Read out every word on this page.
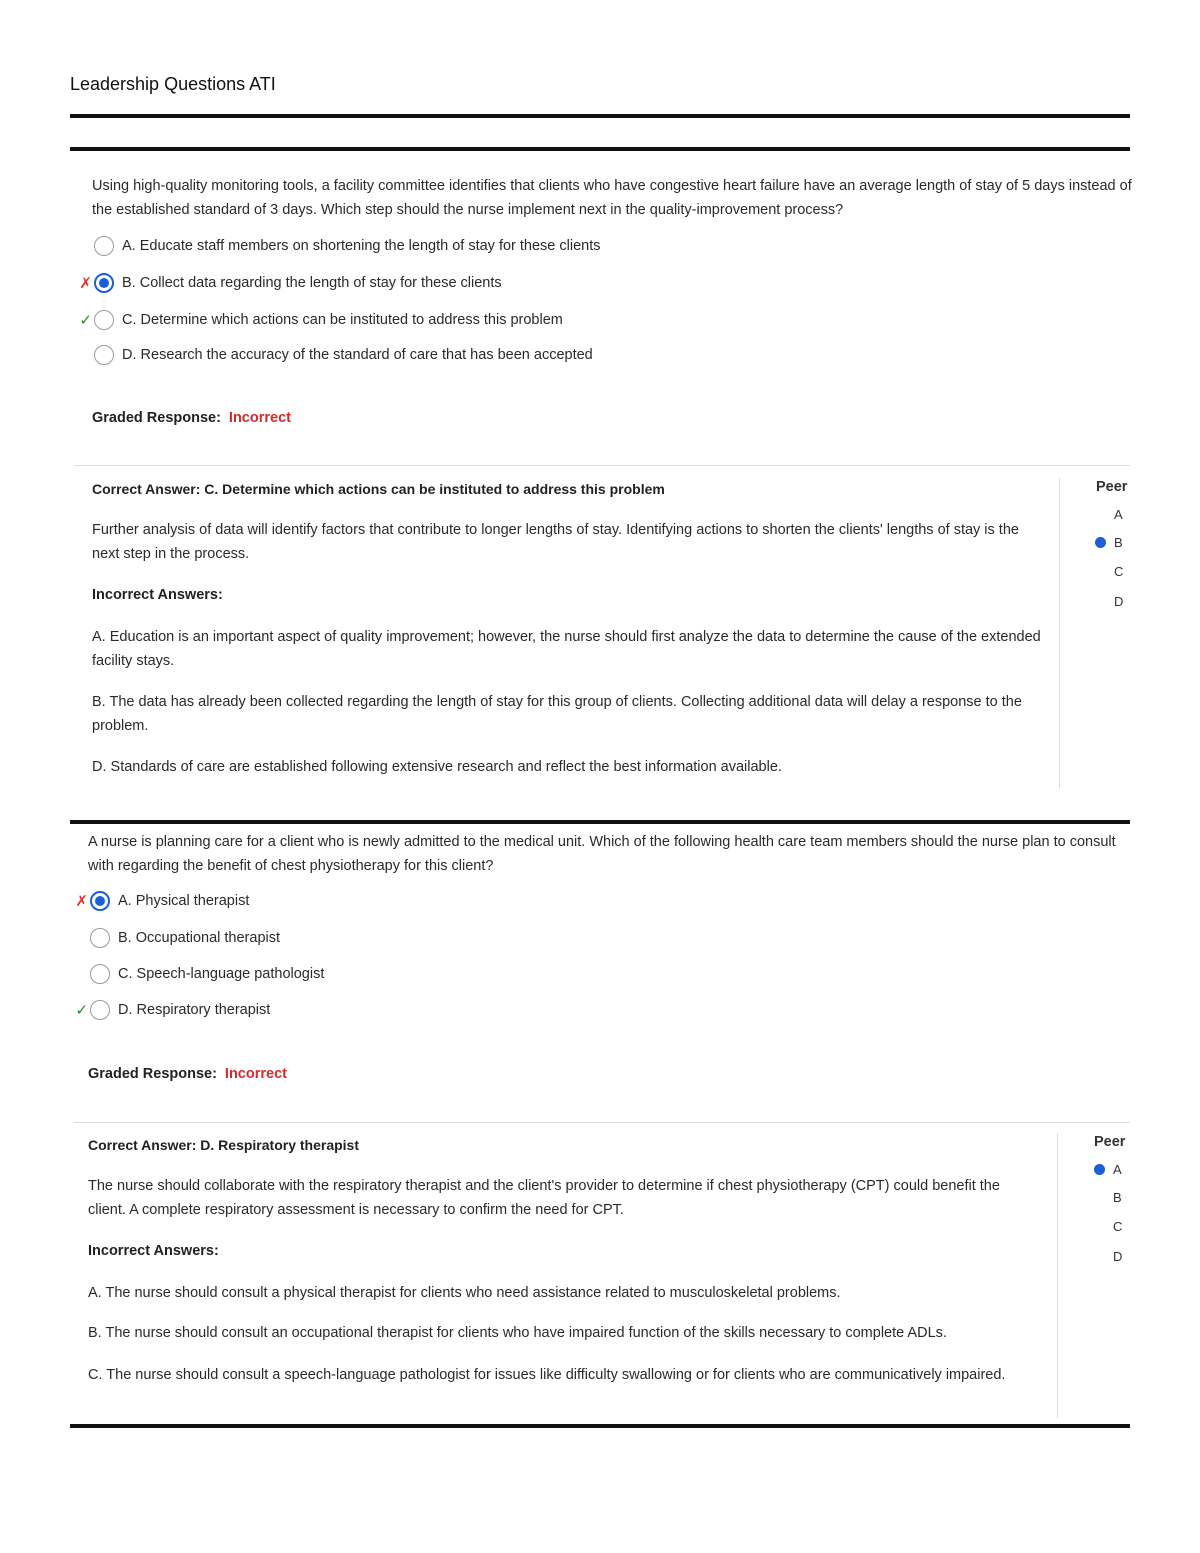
Leadership Questions ATI
Using high-quality monitoring tools, a facility committee identifies that clients who have congestive heart failure have an average length of stay of 5 days instead of the established standard of 3 days. Which step should the nurse implement next in the quality-improvement process?
A. Educate staff members on shortening the length of stay for these clients
✗ B. Collect data regarding the length of stay for these clients
✓ C. Determine which actions can be instituted to address this problem
D. Research the accuracy of the standard of care that has been accepted
Graded Response: Incorrect
Correct Answer: C. Determine which actions can be instituted to address this problem
Further analysis of data will identify factors that contribute to longer lengths of stay. Identifying actions to shorten the clients' lengths of stay is the next step in the process.
Incorrect Answers:
A. Education is an important aspect of quality improvement; however, the nurse should first analyze the data to determine the cause of the extended facility stays.
B. The data has already been collected regarding the length of stay for this group of clients. Collecting additional data will delay a response to the problem.
D. Standards of care are established following extensive research and reflect the best information available.
Peer
A
B
C
D
A nurse is planning care for a client who is newly admitted to the medical unit. Which of the following health care team members should the nurse plan to consult with regarding the benefit of chest physiotherapy for this client?
✗ A. Physical therapist
B. Occupational therapist
C. Speech-language pathologist
✓ D. Respiratory therapist
Graded Response: Incorrect
Correct Answer: D. Respiratory therapist
The nurse should collaborate with the respiratory therapist and the client's provider to determine if chest physiotherapy (CPT) could benefit the client. A complete respiratory assessment is necessary to confirm the need for CPT.
Incorrect Answers:
A. The nurse should consult a physical therapist for clients who need assistance related to musculoskeletal problems.
B. The nurse should consult an occupational therapist for clients who have impaired function of the skills necessary to complete ADLs.
C. The nurse should consult a speech-language pathologist for issues like difficulty swallowing or for clients who are communicatively impaired.
Peer
A
B
C
D
